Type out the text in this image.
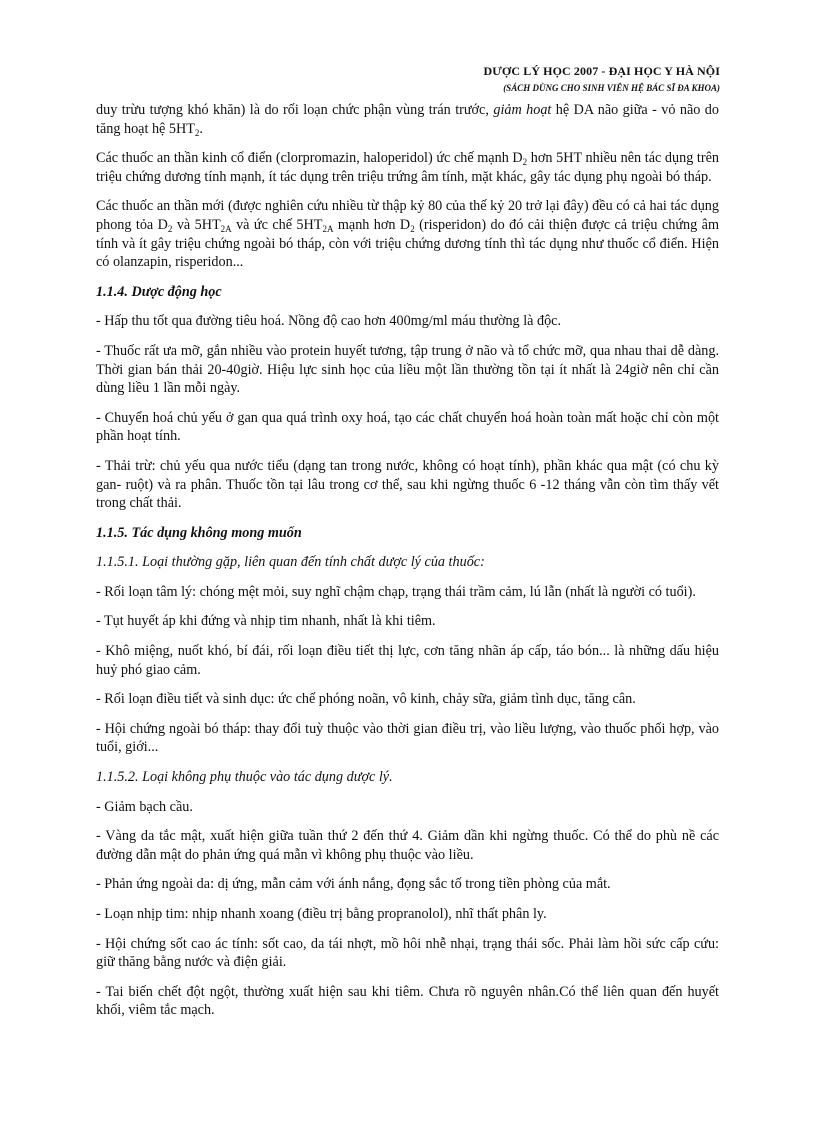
DƯỢC LÝ HỌC 2007 - ĐẠI HỌC Y HÀ NỘI
(SÁCH DÙNG CHO SINH VIÊN HỆ BÁC SĨ ĐA KHOA)

duy trừu tượng khó khăn) là do rối loạn chức phận vùng trán trước, giảm hoạt hệ DA não giữa - vỏ não do tăng hoạt hệ $5HT_2$.

Các thuốc an thần kinh cổ điển (clorpromazin, haloperidol) ức chế mạnh $D_2$ hơn 5HT nhiều nên tác dụng trên triệu chứng dương tính mạnh, ít tác dụng trên triệu trứng âm tính, mặt khác, gây tác dụng phụ ngoài bó tháp.

Các thuốc an thần mới (được nghiên cứu nhiều từ thập kỷ 80 của thế kỷ 20 trở lại đây) đều có cả hai tác dụng phong tỏa $D_2$ và $5HT_{2A}$ và ức chế $5HT_{2A}$ mạnh hơn $D_2$ (risperidon) do đó cải thiện được cả triệu chứng âm tính và ít gây triệu chứng ngoài bó tháp, còn với triệu chứng dương tính thì tác dụng như thuốc cổ điển. Hiện có olanzapin, risperidon...

1.1.4. Dược động học

- Hấp thu tốt qua đường tiêu hoá. Nồng độ cao hơn 400mg/ml máu thường là độc.

- Thuốc rất ưa mỡ, gắn nhiều vào protein huyết tương, tập trung ở não và tổ chức mỡ, qua nhau thai dễ dàng. Thời gian bán thải 20-40giờ. Hiệu lực sinh học của liều một lần thường tồn tại ít nhất là 24giờ nên chỉ cần dùng liều 1 lần mỗi ngày.

- Chuyển hoá chủ yếu ở gan qua quá trình oxy hoá, tạo các chất chuyển hoá hoàn toàn mất hoặc chỉ còn một phần hoạt tính.

- Thải trừ: chủ yếu qua nước tiểu (dạng tan trong nước, không có hoạt tính), phần khác qua mật (có chu kỳ gan- ruột) và ra phân. Thuốc tồn tại lâu trong cơ thể, sau khi ngừng thuốc 6 -12 tháng vẫn còn tìm thấy vết trong chất thải.

1.1.5. Tác dụng không mong muốn
1.1.5.1. Loại thường gặp, liên quan đến tính chất dược lý của thuốc:

- Rối loạn tâm lý: chóng mệt mỏi, suy nghĩ chậm chạp, trạng thái trầm cảm, lú lẫn (nhất là người có tuổi).

- Tụt huyết áp khi đứng và nhịp tim nhanh, nhất là khi tiêm.

- Khô miệng, nuốt khó, bí đái, rối loạn điều tiết thị lực, cơn tăng nhãn áp cấp, táo bón... là những dấu hiệu huỷ phó giao cảm.

- Rối loạn điều tiết và sinh dục: ức chế phóng noãn, vô kinh, chảy sữa, giảm tình dục, tăng cân.

- Hội chứng ngoài bó tháp: thay đổi tuỳ thuộc vào thời gian điều trị, vào liều lượng, vào thuốc phối hợp, vào tuổi, giới...

1.1.5.2. Loại không phụ thuộc vào tác dụng dược lý.

- Giảm bạch cầu.

- Vàng da tắc mật, xuất hiện giữa tuần thứ 2 đến thứ 4. Giảm dần khi ngừng thuốc. Có thể do phù nề các đường dẫn mật do phản ứng quá mẫn vì không phụ thuộc vào liều.

- Phản ứng ngoài da: dị ứng, mẫn cảm với ánh nắng, đọng sắc tố trong tiền phòng của mắt.

- Loạn nhịp tim: nhịp nhanh xoang (điều trị bằng propranolol), nhĩ thất phân ly.

- Hội chứng sốt cao ác tính: sốt cao, da tái nhợt, mồ hôi nhễ nhại, trạng thái sốc. Phải làm hồi sức cấp cứu: giữ thăng bằng nước và điện giải.

- Tai biến chết đột ngột, thường xuất hiện sau khi tiêm. Chưa rõ nguyên nhân.Có thể liên quan đến huyết khối, viêm tắc mạch.
